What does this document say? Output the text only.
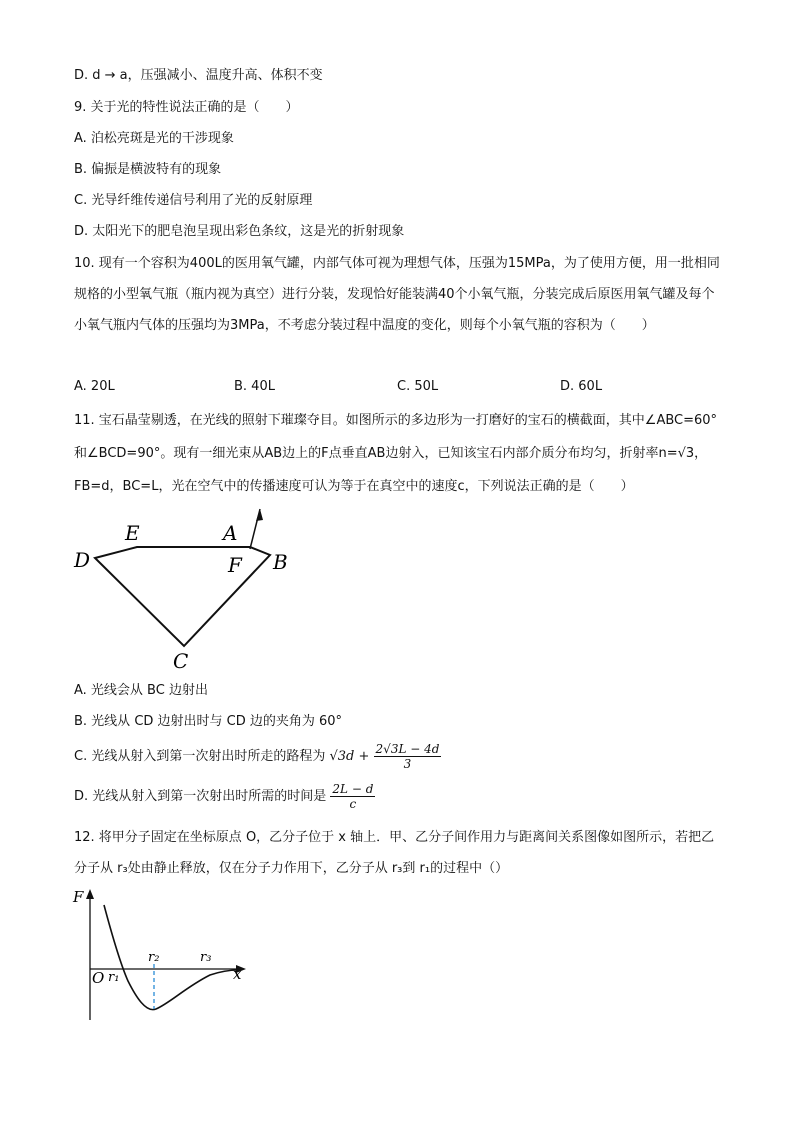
D. d → a，压强减小、温度升高、体积不变
9. 关于光的特性说法正确的是（　　）
A. 泊松亮斑是光的干涉现象
B. 偏振是横波特有的现象
C. 光导纤维传递信号利用了光的反射原理
D. 太阳光下的肥皂泡呈现出彩色条纹，这是光的折射现象
10. 现有一个容积为400L的医用氧气罐，内部气体可视为理想气体，压强为15MPa，为了使用方便，用一批相同规格的小型氧气瓶（瓶内视为真空）进行分装，发现恰好能装满40个小氧气瓶，分装完成后原医用氧气罐及每个小氧气瓶内气体的压强均为3MPa，不考虑分装过程中温度的变化，则每个小氧气瓶的容积为（　　）
A. 20L	B. 40L	C. 50L	D. 60L
11. 宝石晶莹剔透，在光线的照射下璀璨夺目。如图所示的多边形为一打磨好的宝石的横截面，其中∠ABC=60°和∠BCD=90°。现有一细光束从AB边上的F点垂直AB边射入，已知该宝石内部介质分布均匀，折射率n=√3，FB=d，BC=L，光在空气中的传播速度可认为等于在真空中的速度c，下列说法正确的是（　　）
D
E	A
F B
C
A. 光线会从 BC 边射出
B. 光线从 CD 边射出时与 CD 边的夹角为 60°
C. 光线从射入到第一次射出时所走的路程为 $√3d + \frac{2√3L - 4d}{3}$
D. 光线从射入到第一次射出时所需的时间是 $\frac{2L - d}{c}$
12. 将甲分子固定在坐标原点 O，乙分子位于 x 轴上．甲、乙分子间作用力与距离间关系图像如图所示，若把乙分子从 r₃处由静止释放，仅在分子力作用下，乙分子从 r₃到 r₁的过程中（）
F
O r₁
r₂	r₃
x
